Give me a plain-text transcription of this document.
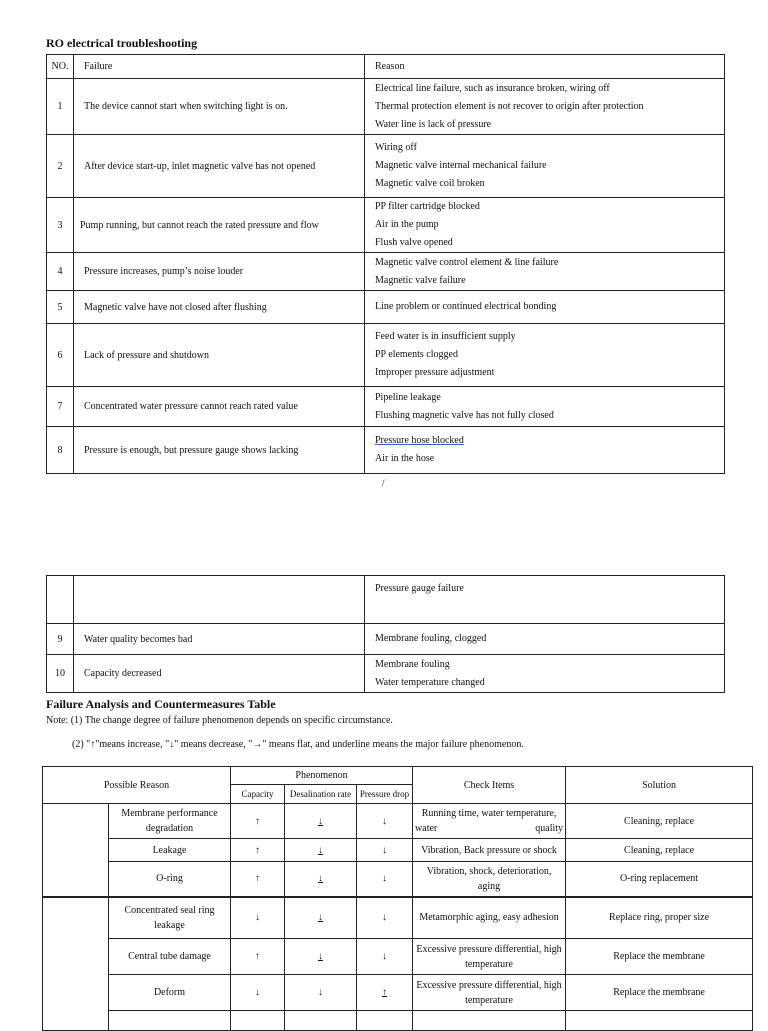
RO electrical troubleshooting
NO.	Failure	Reason
1	The device cannot start when switching light is on.	Electrical line failure, such as insurance broken, wiring off
Thermal protection element is not recover to origin after protection
Water line is lack of pressure

2	After device start-up, inlet magnetic valve has not opened	Wiring off
Magnetic valve internal mechanical failure
Magnetic valve coil broken

3	Pump running, but cannot reach the rated pressure and flow	PP filter cartridge blocked
Air in the pump
Flush valve opened

4	Pressure increases, pump’s noise louder	Magnetic valve control element & line failure
Magnetic valve failure

5	Magnetic valve have not closed after flushing	Line problem or continued electrical bonding

6	Lack of pressure and shutdown	Feed water is in insufficient supply
PP elements clogged
Improper pressure adjustment

7	Concentrated water pressure cannot reach rated value	Pipeline leakage
Flushing magnetic valve has not fully closed

8	Pressure is enough, but pressure gauge shows lacking	Pressure hose blocked
Air in the hose
/

		Pressure gauge failure

9	Water quality becomes bad	Membrane fouling, clogged

10	Capacity decreased	Membrane fouling
Water temperature changed
Failure Analysis and Countermeasures Table
Note: (1) The change degree of failure phenomenon depends on specific circumstance.
(2) "↑"means increase, "↓" means decrease, "→" means flat, and underline means the major failure phenomenon.
Possible Reason		Phenomenon			Check Items	Solution
		Capacity	Desalination rate	Pressure drop		
	Membrane performance degradation	↑	↓	↓	Running time, water temperature, water quality	Cleaning, replace
	Leakage	↑	↓	↓	Vibration, Back pressure or shock	Cleaning, replace
	O-ring	↑	↓	↓	Vibration, shock, deterioration, aging	O-ring replacement
	Concentrated seal ring leakage	↓	↓	↓	Metamorphic aging, easy adhesion	Replace ring, proper size
	Central tube damage	↑	↓	↓	Excessive pressure differential, high temperature	Replace the membrane
	Deform	↓	↓	↑	Excessive pressure differential, high temperature	Replace the membrane
